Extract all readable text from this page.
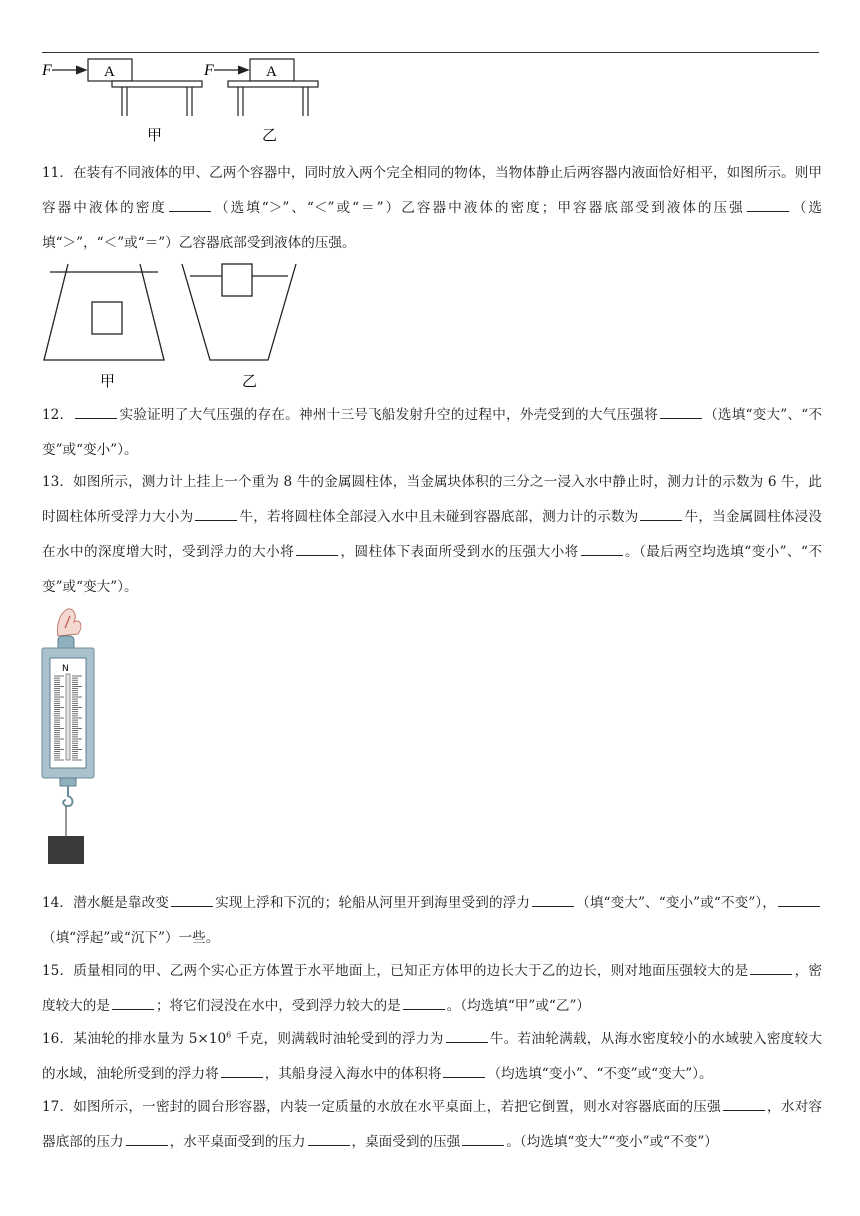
F	A	F	A
甲	乙
11．在装有不同液体的甲、乙两个容器中，同时放入两个完全相同的物体，当物体静止后两容器内液面恰好相平，如图所示。则甲容器中液体的密度	（选填“＞”、“＜”或“＝”）乙容器中液体的密度；甲容器底部受到液体的压强	（选填“＞”，“＜”或“＝”）乙容器底部受到液体的压强。
甲	乙
12．	实验证明了大气压强的存在。神州十三号飞船发射升空的过程中，外壳受到的大气压强将	（选填“变大”、“不变”或“变小”）。
13．如图所示，测力计上挂上一个重为 8 牛的金属圆柱体，当金属块体积的三分之一浸入水中静止时，测力计的示数为 6 牛，此时圆柱体所受浮力大小为	牛，若将圆柱体全部浸入水中且未碰到容器底部，测力计的示数为	牛，当金属圆柱体浸没在水中的深度增大时，受到浮力的大小将	，圆柱体下表面所受到水的压强大小将	。（最后两空均选填“变小”、“不变”或“变大”）。
N
14．潜水艇是靠改变	实现上浮和下沉的；轮船从河里开到海里受到的浮力	（填“变大”、“变小”或“不变”），（填“浮起”或“沉下”）一些。
15．质量相同的甲、乙两个实心正方体置于水平地面上，已知正方体甲的边长大于乙的边长，则对地面压强较大的是	，密度较大的是	；将它们浸没在水中，受到浮力较大的是	。（均选填“甲”或“乙”）
16．某油轮的排水量为 $5\times 10^6$ 千克，则满载时油轮受到的浮力为	牛。若油轮满载，从海水密度较小的水域驶入密度较大的水域，油轮所受到的浮力将	，其船身浸入海水中的体积将	（均选填“变小”、“不变”或“变大”）。
17．如图所示，一密封的圆台形容器，内装一定质量的水放在水平桌面上，若把它倒置，则水对容器底面的压强	，水对容器底部的压力	，水平桌面受到的压力	，桌面受到的压强	。（均选填“变大”“变小”或“不变”）
